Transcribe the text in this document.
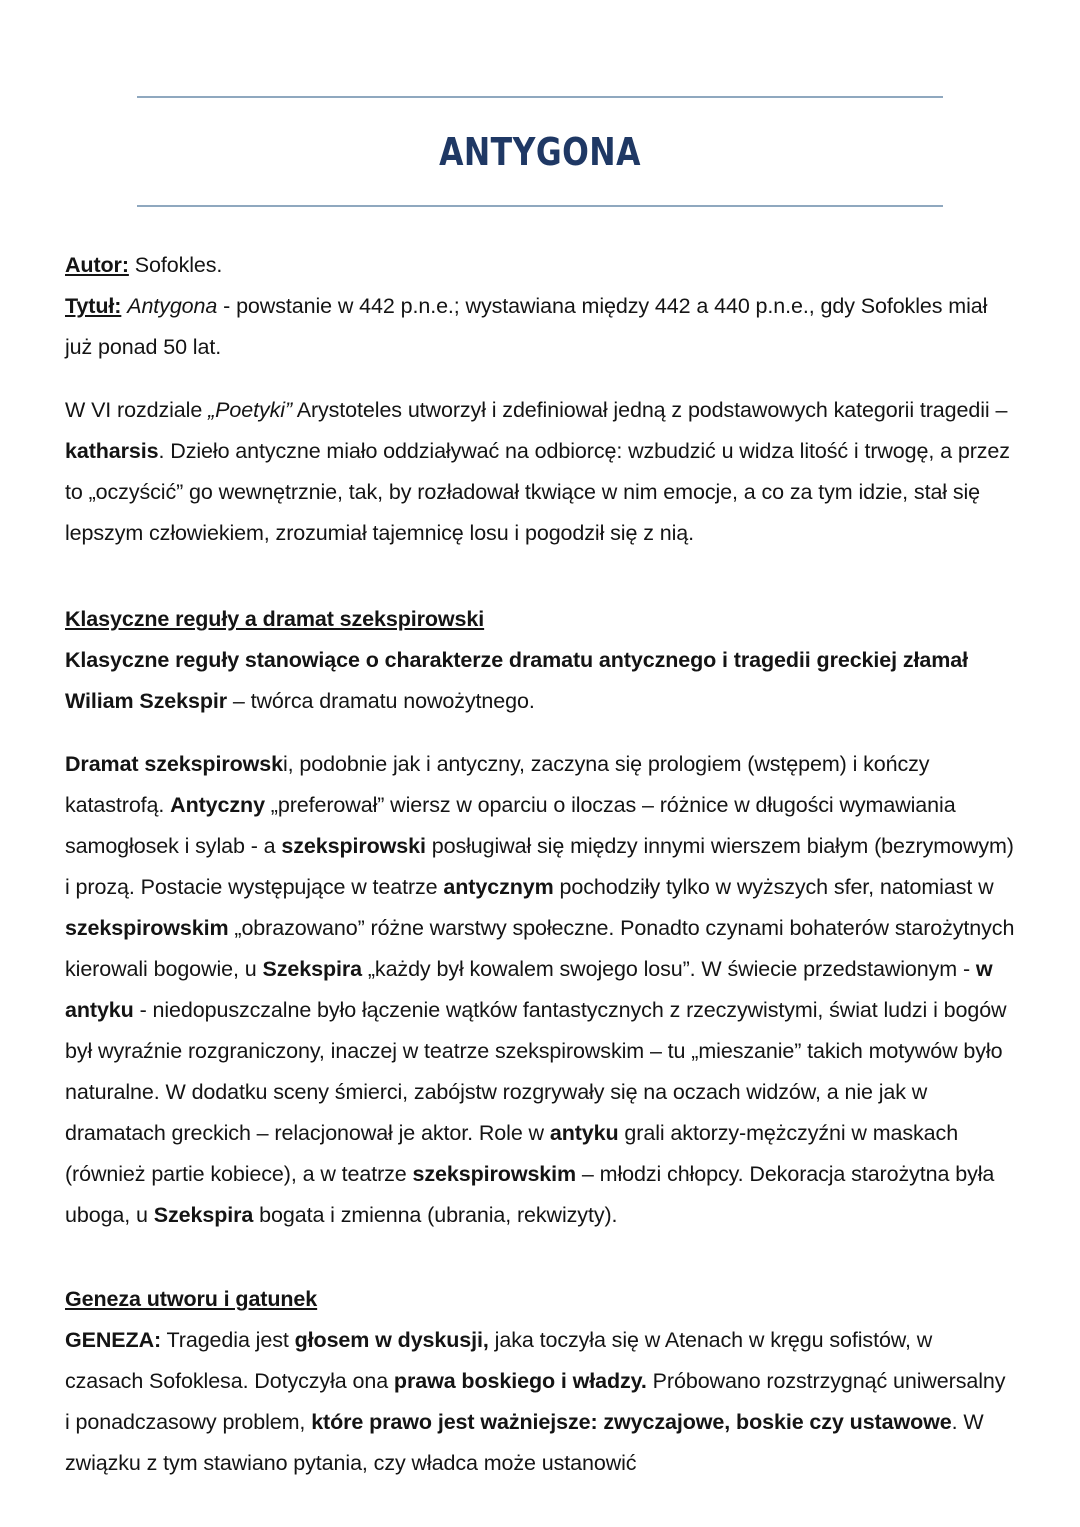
ANTYGONA

Autor: Sofokles.
Tytuł: Antygona - powstanie w 442 p.n.e.; wystawiana między 442 a 440 p.n.e., gdy Sofokles miał już ponad 50 lat.

W VI rozdziale „Poetyki” Arystoteles utworzył i zdefiniował jedną z podstawowych kategorii tragedii – katharsis. Dzieło antyczne miało oddziaływać na odbiorcę: wzbudzić u widza litość i trwogę, a przez to „oczyścić” go wewnętrznie, tak, by rozładował tkwiące w nim emocje, a co za tym idzie, stał się lepszym człowiekiem, zrozumiał tajemnicę losu i pogodził się z nią.

Klasyczne reguły a dramat szekspirowski

Klasyczne reguły stanowiące o charakterze dramatu antycznego i tragedii greckiej złamał Wiliam Szekspir – twórca dramatu nowożytnego.

Dramat szekspirowski, podobnie jak i antyczny, zaczyna się prologiem (wstępem) i kończy katastrofą. Antyczny „preferował” wiersz w oparciu o iloczas – różnice w długości wymawiania samogłosek i sylab - a szekspirowski posługiwał się między innymi wierszem białym (bezrymowym) i prozą. Postacie występujące w teatrze antycznym pochodziły tylko w wyższych sfer, natomiast w szekspirowskim „obrazowano” różne warstwy społeczne. Ponadto czynami bohaterów starożytnych kierowali bogowie, u Szekspira „każdy był kowalem swojego losu”. W świecie przedstawionym - w antyku - niedopuszczalne było łączenie wątków fantastycznych z rzeczywistymi, świat ludzi i bogów był wyraźnie rozgraniczony, inaczej w teatrze szekspirowskim – tu „mieszanie” takich motywów było naturalne. W dodatku sceny śmierci, zabójstw rozgrywały się na oczach widzów, a nie jak w dramatach greckich – relacjonował je aktor. Role w antyku grali aktorzy-mężczyźni w maskach (również partie kobiece), a w teatrze szekspirowskim – młodzi chłopcy. Dekoracja starożytna była uboga, u Szekspira bogata i zmienna (ubrania, rekwizyty).

Geneza utworu i gatunek

GENEZA: Tragedia jest głosem w dyskusji, jaka toczyła się w Atenach w kręgu sofistów, w czasach Sofoklesa. Dotyczyła ona prawa boskiego i władzy. Próbowano rozstrzygnąć uniwersalny i ponadczasowy problem, które prawo jest ważniejsze: zwyczajowe, boskie czy ustawowe. W związku z tym stawiano pytania, czy władca może ustanowić
